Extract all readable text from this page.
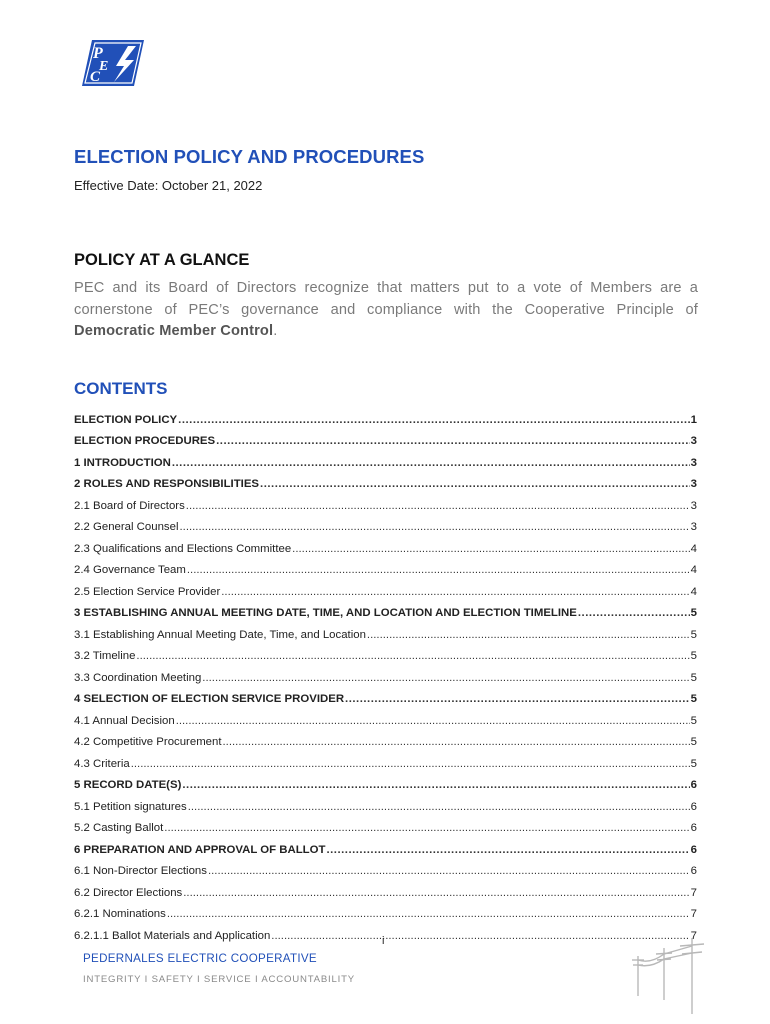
P
E
C
ELECTION POLICY AND PROCEDURES
Effective Date: October 21, 2022
POLICY AT A GLANCE
PEC and its Board of Directors recognize that matters put to a vote of Members are a cornerstone of PEC’s governance and compliance with the Cooperative Principle of Democratic Member Control.
CONTENTS
ELECTION POLICY .....	1
ELECTION PROCEDURES .....	3
1 INTRODUCTION .....	3
2 ROLES AND RESPONSIBILITIES .....	3
2.1 Board of Directors .....	3
2.2 General Counsel .....	3
2.3 Qualifications and Elections Committee .....	4
2.4 Governance Team .....	4
2.5 Election Service Provider .....	4
3 ESTABLISHING ANNUAL MEETING DATE, TIME, AND LOCATION AND ELECTION TIMELINE .....	5
3.1 Establishing Annual Meeting Date, Time, and Location .....	5
3.2 Timeline .....	5
3.3 Coordination Meeting .....	5
4 SELECTION OF ELECTION SERVICE PROVIDER .....	5
4.1 Annual Decision .....	5
4.2 Competitive Procurement .....	5
4.3 Criteria .....	5
5 RECORD DATE(S) .....	6
5.1 Petition signatures .....	6
5.2 Casting Ballot .....	6
6 PREPARATION AND APPROVAL OF BALLOT .....	6
6.1 Non-Director Elections .....	6
6.2 Director Elections .....	7
6.2.1 Nominations .....	7
6.2.1.1 Ballot Materials and Application .....	7
i
PEDERNALES ELECTRIC COOPERATIVE
INTEGRITY I SAFETY I SERVICE I ACCOUNTABILITY
